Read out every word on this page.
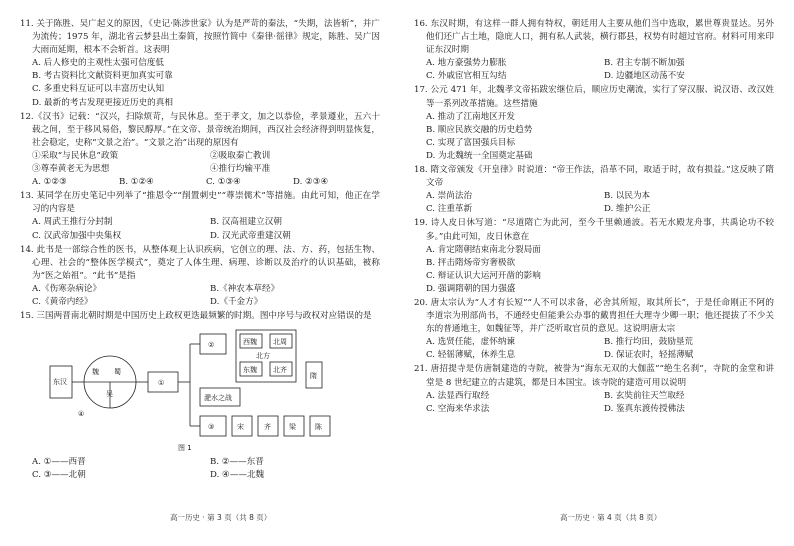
11. 关于陈胜、吴广起义的原因，《史记·陈涉世家》认为是严苛的秦法，“失期，法皆斩”，并广为流传；1975 年，湖北省云梦县出土秦简，按照竹简中《秦律·徭律》规定，陈胜、吴广因大雨而延期，根本不会斩首。这表明
A. 后人修史的主观性太强可信度低
B. 考古资料比文献资料更加真实可靠
C. 多重史料互证可以丰富历史认知
D. 最新的考古发现更接近历史的真相
12.《汉书》记载：“汉兴，扫除烦苛，与民休息。至于孝文，加之以恭俭，孝景遵业，五六十载之间，至于移风易俗，黎民醇厚。”在文帝、景帝统治期间，西汉社会经济得到明显恢复，社会稳定，史称“文景之治”。“文景之治”出现的原因有
①采取“与民休息”政策	②吸取秦亡教训
③尊奉黄老无为思想	④推行均输平准
A. ①②③	B. ①②④	C. ①③④	D. ②③④
13. 某同学在历史笔记中列举了“推恩令”“削置刺史”“尊崇儒术”等措施。由此可知，他正在学习的内容是
A. 周武王推行分封制	B. 汉高祖建立汉朝
C. 汉武帝加强中央集权	D. 汉光武帝重建汉朝
14. 此书是一部综合性的医书，从整体观上认识疾病，它创立的理、法、方、药，包括生物、心理、社会的“整体医学模式”，奠定了人体生理、病理、诊断以及治疗的认识基础，被称为“医之始祖”。“此书”是指
A.《伤寒杂病论》	B.《神农本草经》
C.《黄帝内经》	D.《千金方》
15. 三国两晋南北朝时期是中国历史上政权更迭最频繁的时期。图中序号与政权对应错误的是
东汉
魏 蜀
吴
①
②	西魏 北周
北方
东魏 北齐
淝水之战
隋
③	宋	齐	梁	陈
④
图 1
A. ①——西晋	B. ②——东晋
C. ③——北朝	D. ④——北魏
16. 东汉时期，有这样一群人拥有特权，朝廷用人主要从他们当中选取，累世尊贵显达。另外他们还广占土地，隐庇人口，拥有私人武装，横行郡县，权势有时超过官府。材料可用来印证东汉时期
A. 地方豪强势力膨胀	B. 君主专制不断加强
C. 外戚宦官相互勾结	D. 边疆地区动荡不安
17. 公元 471 年，北魏孝文帝拓跋宏继位后，顺应历史潮流，实行了穿汉服、说汉语、改汉姓等一系列改革措施。这些措施
A. 推动了江南地区开发
B. 顺应民族交融的历史趋势
C. 实现了富国强兵目标
D. 为北魏统一全国奠定基础
18. 隋文帝颁发《开皇律》时说道：“帝王作法，沿革不同，取适于时，故有损益。”这反映了隋文帝
A. 崇尚法治	B. 以民为本
C. 注重革新	D. 维护公正
19. 诗人皮日休写道：“尽道隋亡为此河，至今千里赖通波。若无水殿龙舟事，共禹论功不较多。”由此可知，皮日休意在
A. 肯定隋朝结束南北分裂局面
B. 抨击隋炀帝穷奢极欲
C. 辩证认识大运河开凿的影响
D. 强调隋朝的国力强盛
20. 唐太宗认为“人才有长短”“人不可以求备，必舍其所短，取其所长”，于是任命刚正不阿的李道宗为刑部尚书，不通经史但能秉公办事的戴胄担任大理寺少卿一职；他还提拔了不少关东的普通地主，如魏征等，并广泛听取官员的意见。这说明唐太宗
A. 选贤任能，虚怀纳谏	B. 推行均田，鼓励垦荒
C. 轻徭薄赋，休养生息	D. 保证农时，轻摇薄赋
21. 唐招提寺是仿唐制建造的寺院，被誉为“海东无双的大伽蓝”“绝生名刹”，寺院的金堂和讲堂是 8 世纪建立的古建筑，都是日本国宝。该寺院的建造可用以说明
A. 法显西行取经	B. 玄奘前往天竺取经
C. 空海来华求法	D. 鉴真东渡传授佛法
高一历史 · 第 3 页（共 8 页）	高一历史 · 第 4 页（共 8 页）
